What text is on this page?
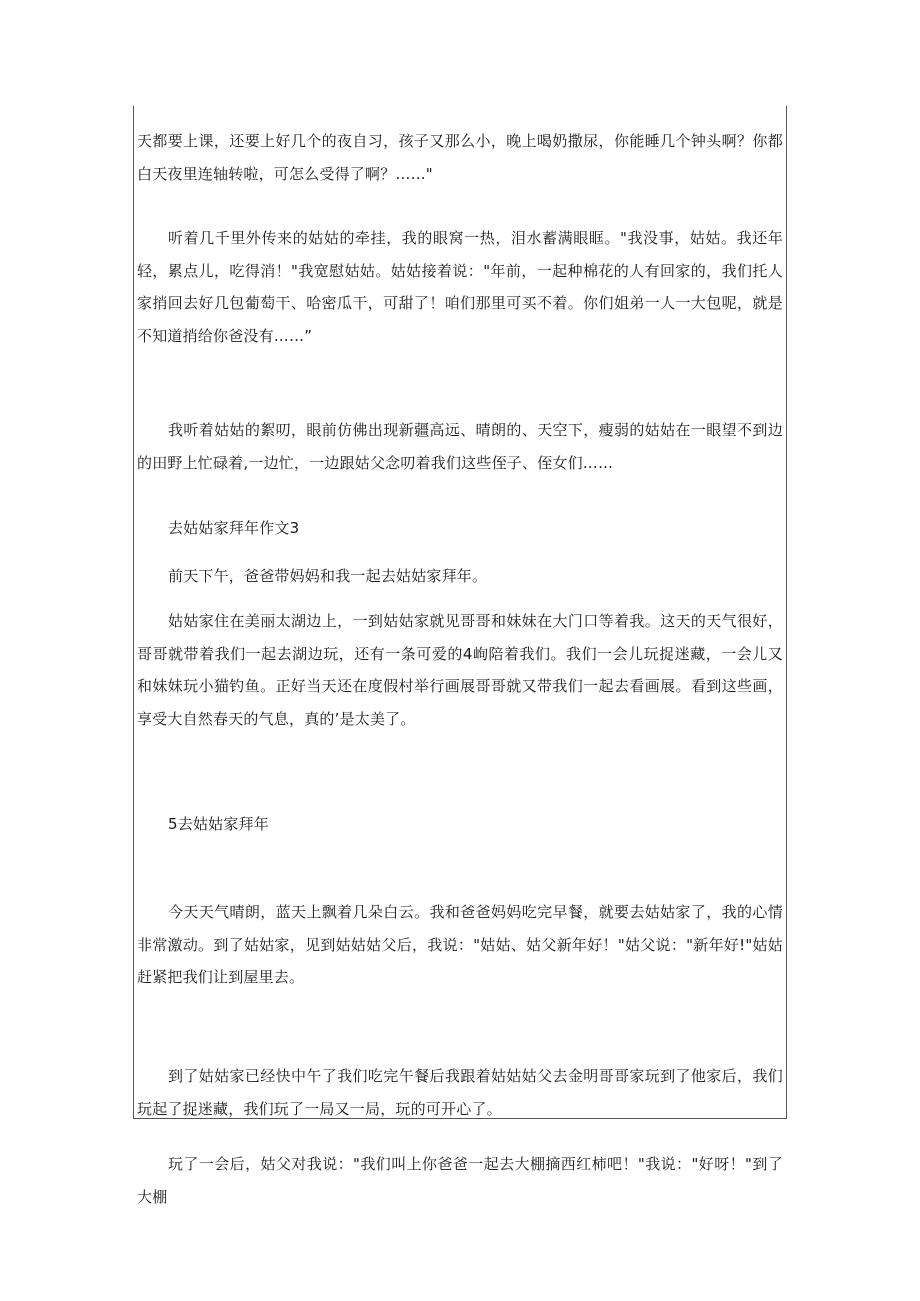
天都要上课，还要上好几个的夜自习，孩子又那么小，晚上喝奶撒尿，你能睡几个钟头啊？你都白天夜里连轴转啦，可怎么受得了啊？……"

听着几千里外传来的姑姑的牵挂，我的眼窝一热，泪水蓄满眼眶。"我没事，姑姑。我还年轻，累点儿，吃得消！"我宽慰姑姑。姑姑接着说："年前，一起种棉花的人有回家的，我们托人家捎回去好几包葡萄干、哈密瓜干，可甜了！咱们那里可买不着。你们姐弟一人一大包呢，就是不知道捎给你爸没有……”

我听着姑姑的絮叨，眼前仿佛出现新疆高远、晴朗的、天空下，瘦弱的姑姑在一眼望不到边的田野上忙碌着,一边忙，一边跟姑父念叨着我们这些侄子、侄女们……

去姑姑家拜年作文3

前天下午，爸爸带妈妈和我一起去姑姑家拜年。

姑姑家住在美丽太湖边上，一到姑姑家就见哥哥和妹妹在大门口等着我。这天的天气很好，哥哥就带着我们一起去湖边玩，还有一条可爱的4峋陪着我们。我们一会儿玩捉迷藏，一会儿又和妹妹玩小猫钓鱼。正好当天还在度假村举行画展哥哥就又带我们一起去看画展。看到这些画，享受大自然春天的气息，真的’是太美了。

5去姑姑家拜年

今天天气晴朗，蓝天上飘着几朵白云。我和爸爸妈妈吃完早餐，就要去姑姑家了，我的心情非常激动。到了姑姑家，见到姑姑姑父后，我说："姑姑、姑父新年好！"姑父说："新年好!"姑姑赶紧把我们让到屋里去。

到了姑姑家已经快中午了我们吃完午餐后我跟着姑姑姑父去金明哥哥家玩到了他家后，我们玩起了捉迷藏，我们玩了一局又一局，玩的可开心了。

玩了一会后，姑父对我说："我们叫上你爸爸一起去大棚摘西红柿吧！"我说："好呀！"到了大棚
